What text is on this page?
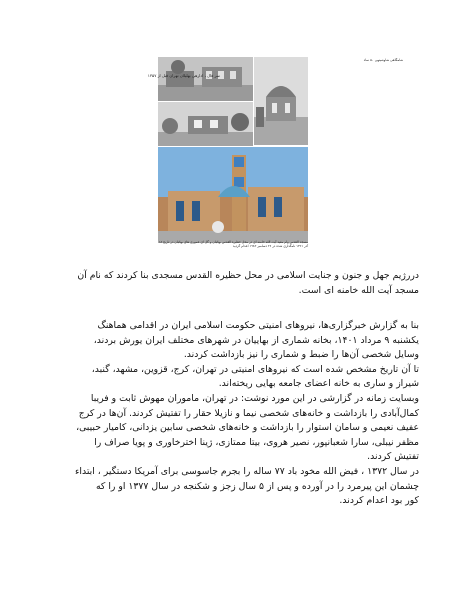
شامگاهی شاوشیتهی ۵۰ نماد
سر قال ، ادارهی بهلیلان تهران قبل از ۱۳۵۷
مسجد القدس وام معید آیت الله خامنه ای در محل حظیره القدس بهائیان و گل ای عموری های بهائیان در تاریخ ۱۸ آذر ۱۳۶۱ نامگذاری شده در ۲۶ دسامبر ۱۹۸۲ اعدام گردید

دررژیم جهل و جنون و جنایت اسلامی در محل حظیره القدس مسجدی بنا کردند که نام آن

مسجد آیت الله خامنه ای است.

بنا به گزارش خبرگزاری‌ها، نیروهای امنیتی حکومت اسلامی ایران در اقدامی هماهنگ

یکشنبه ۹ مرداد ۱۴۰۱، بخانه شماری از بهاییان در شهرهای مختلف ایران یورش بردند،

وسایل شخصی آن‌ها را ضبط و شماری را نیز بازداشت کردند.

تا آن تاریخ مشخص شده است که نیروهای امنیتی در تهران، کرج، قزوین، مشهد، گنبد،

شیراز و ساری به خانه اعضای جامعه بهایی ریخته‌اند.

وبسایت زمانه در گزارشی در این مورد نوشت: در تهران، ماموران مهوش ثابت و فریبا

کمال‌آبادی را بازداشت و خانه‌های شخصی نیما و نازیلا حقار را تفتیش کردند. آن‌ها در کرج

عفیف نعیمی و سامان استوار را بازداشت و خانه‌های شخصی سابین یزدانی، کامیار حبیبی،

مظفر نیبلی، سارا شعبانپور، نصیر هروی، بیتا ممتازی، ژینا اختر‌خاوری و پویا صراف را

تفتیش کردند.

در سال ۱۳۷۲ ، فیض الله مخود باد ۷۷ ساله را بجرم جاسوسی برای آمریکا دستگیر ، ابتداء

چشمان این پیرمرد را در آورده و پس از ۵ سال زجز و شکنجه در سال ۱۳۷۷ او را که

کور بود اعدام کردند.
